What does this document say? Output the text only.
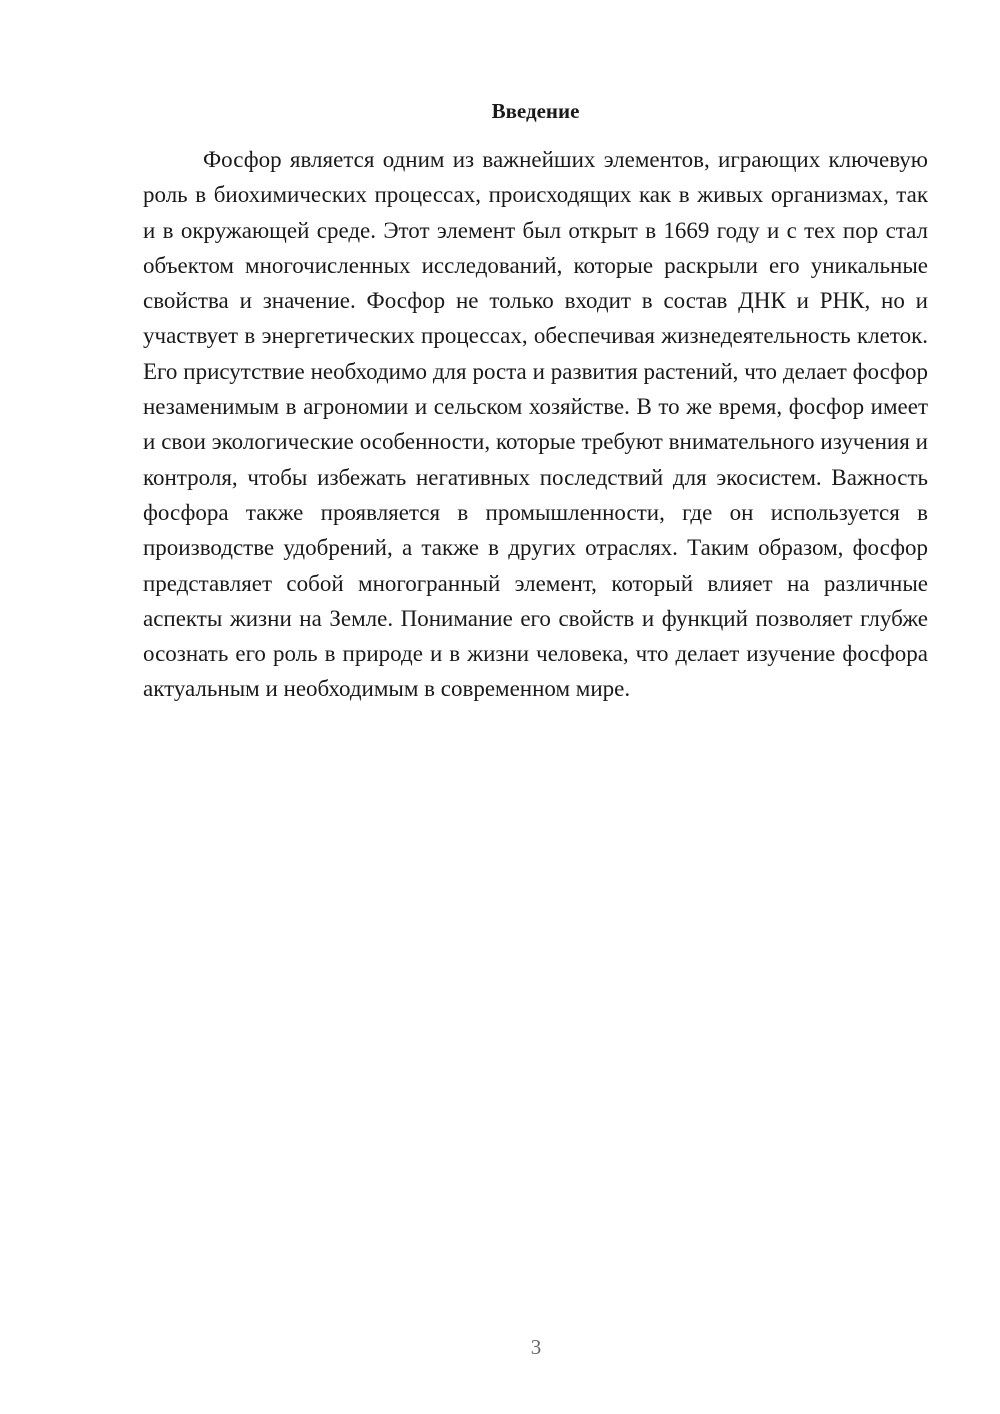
Введение

Фосфор является одним из важнейших элементов, играющих ключевую роль в биохимических процессах, происходящих как в живых организмах, так и в окружающей среде. Этот элемент был открыт в 1669 году и с тех пор стал объектом многочисленных исследований, которые раскрыли его уникальные свойства и значение. Фосфор не только входит в состав ДНК и РНК, но и участвует в энергетических процессах, обеспечивая жизнедеятельность клеток. Его присутствие необходимо для роста и развития растений, что делает фосфор незаменимым в агрономии и сельском хозяйстве. В то же время, фосфор имеет и свои экологические особенности, которые требуют внимательного изучения и контроля, чтобы избежать негативных последствий для экосистем. Важность фосфора также проявляется в промышленности, где он используется в производстве удобрений, а также в других отраслях. Таким образом, фосфор представляет собой многогранный элемент, который влияет на различные аспекты жизни на Земле. Понимание его свойств и функций позволяет глубже осознать его роль в природе и в жизни человека, что делает изучение фосфора актуальным и необходимым в современном мире.

3
